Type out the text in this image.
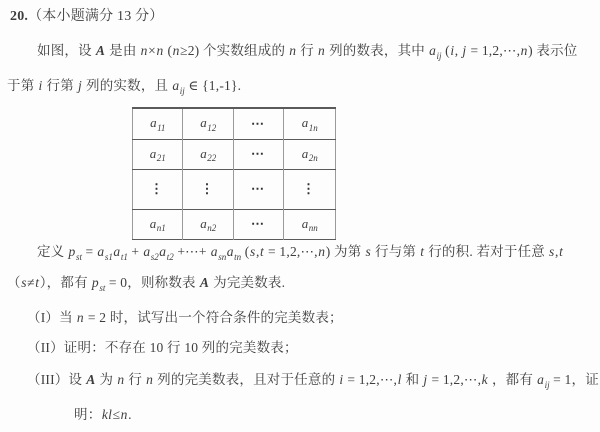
20.（本小题满分 13 分）
如图，设 A 是由 n×n (n≥2) 个实数组成的 n 行 n 列的数表，其中 $a_{ij}$ (i, j = 1,2,⋯,n) 表示位
于第 i 行第 j 列的实数，且 $a_{ij}$ ∈ {1,-1}.
$a_{11}$	$a_{12}$	⋯	$a_{1n}$
$a_{21}$	$a_{22}$	⋯	$a_{2n}$
⋮	⋮	⋯	⋮
$a_{n1}$	$a_{n2}$	⋯	$a_{nn}$
定义 $p_{st} = a_{s1}a_{t1} + a_{s2}a_{t2}$ +⋯+ $a_{sn}a_{tn}$ (s,t = 1,2,⋯,n) 为第 s 行与第 t 行的积. 若对于任意 s,t
（s≠t），都有 $p_{st} = 0$，则称数表 A 为完美数表.
（I）当 n = 2 时，试写出一个符合条件的完美数表；
（II）证明：不存在 10 行 10 列的完美数表；
（III）设 A 为 n 行 n 列的完美数表，且对于任意的 i = 1,2,⋯,l 和 j = 1,2,⋯,k ，都有 $a_{ij} = 1$，证
明：kl≤n.
